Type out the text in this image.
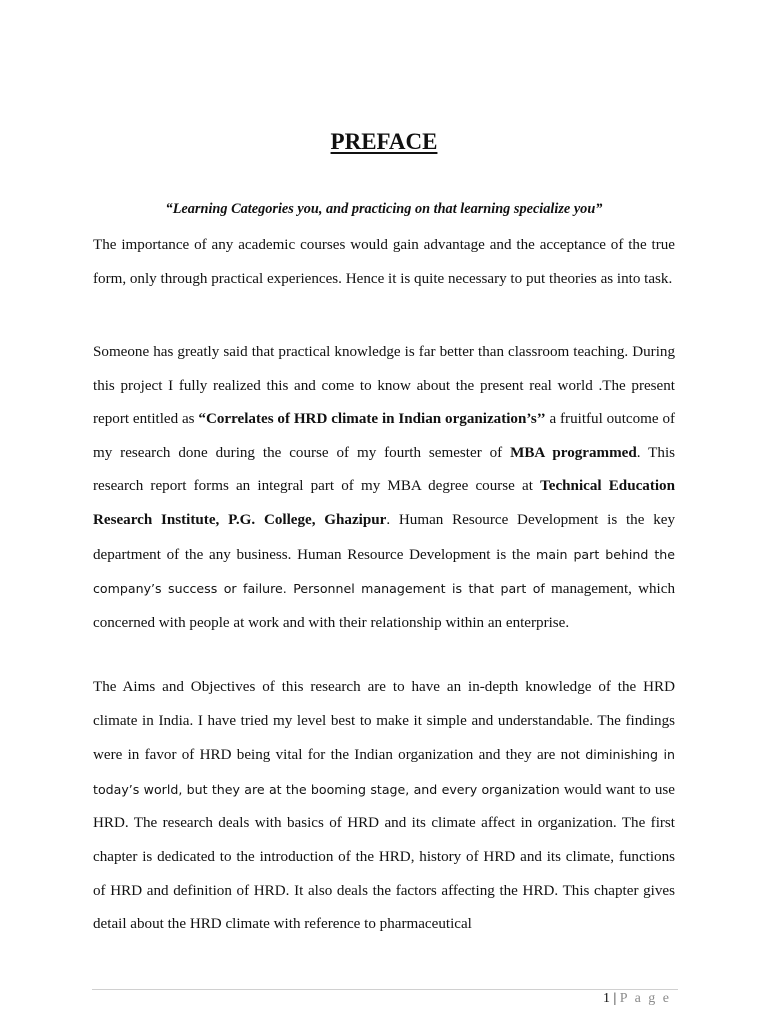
PREFACE

“Learning Categories you, and practicing on that learning specialize you”

The importance of any academic courses would gain advantage and the acceptance of the true form, only through practical experiences. Hence it is quite necessary to put theories as into task.

Someone has greatly said that practical knowledge is far better than classroom teaching. During this project I fully realized this and come to know about the present real world .The present report entitled as “Correlates of HRD climate in Indian organization’s’’ a fruitful outcome of my research done during the course of my fourth semester of MBA programmed. This research report forms an integral part of my MBA degree course at Technical Education Research Institute, P.G. College, Ghazipur. Human Resource Development is the key department of the any business. Human Resource Development is the main part behind the company’s success or failure. Personnel management is that part of management, which concerned with people at work and with their relationship within an enterprise.

The Aims and Objectives of this research are to have an in-depth knowledge of the HRD climate in India. I have tried my level best to make it simple and understandable. The findings were in favor of HRD being vital for the Indian organization and they are not diminishing in today’s world, but they are at the booming stage, and every organization would want to use HRD. The research deals with basics of HRD and its climate affect in organization. The first chapter is dedicated to the introduction of the HRD, history of HRD and its climate, functions of HRD and definition of HRD. It also deals the factors affecting the HRD. This chapter gives detail about the HRD climate with reference to pharmaceutical

1 | P a g e
